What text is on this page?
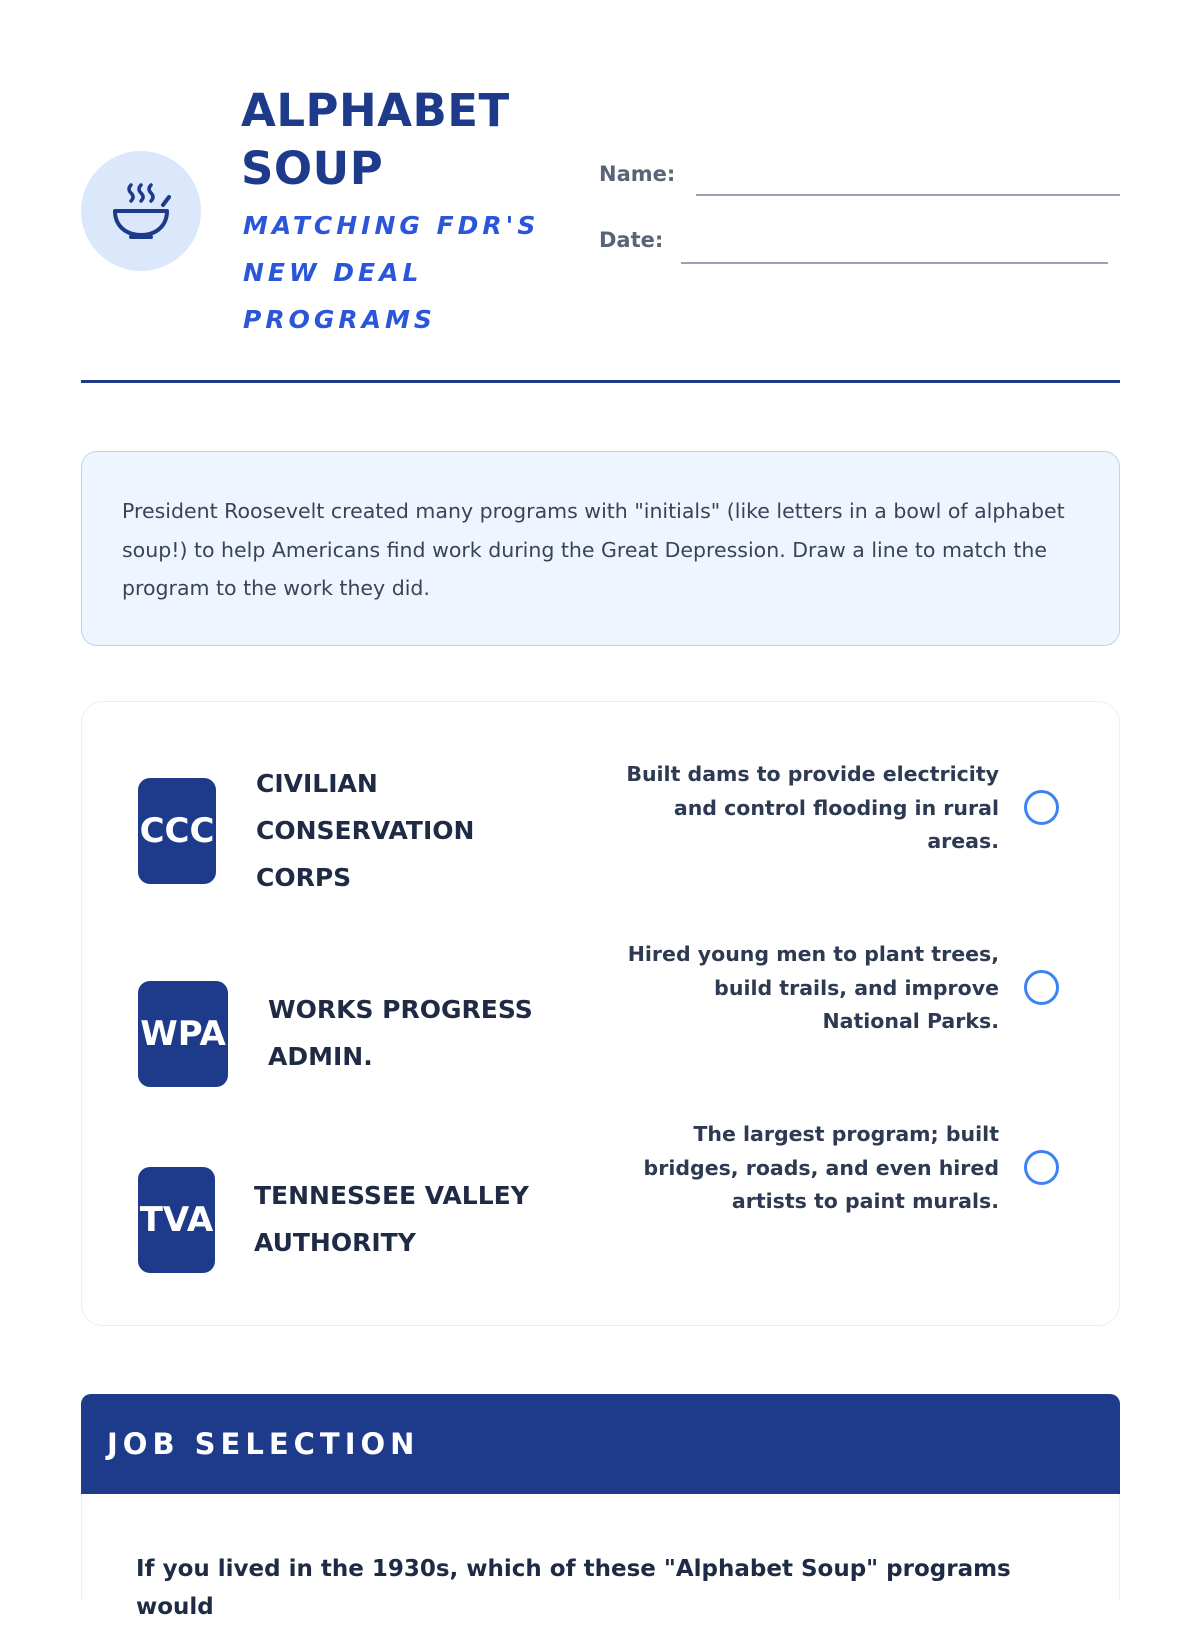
ALPHABET SOUP
MATCHING FDR'S NEW DEAL PROGRAMS
Name:
Date:
President Roosevelt created many programs with "initials" (like letters in a bowl of alphabet soup!) to help Americans find work during the Great Depression. Draw a line to match the program to the work they did.
CCC
CIVILIAN CONSERVATION CORPS
Built dams to provide electricity and control flooding in rural areas.
WPA
WORKS PROGRESS ADMIN.
Hired young men to plant trees, build trails, and improve National Parks.
TVA
TENNESSEE VALLEY AUTHORITY
The largest program; built bridges, roads, and even hired artists to paint murals.
JOB SELECTION
If you lived in the 1930s, which of these "Alphabet Soup" programs would
